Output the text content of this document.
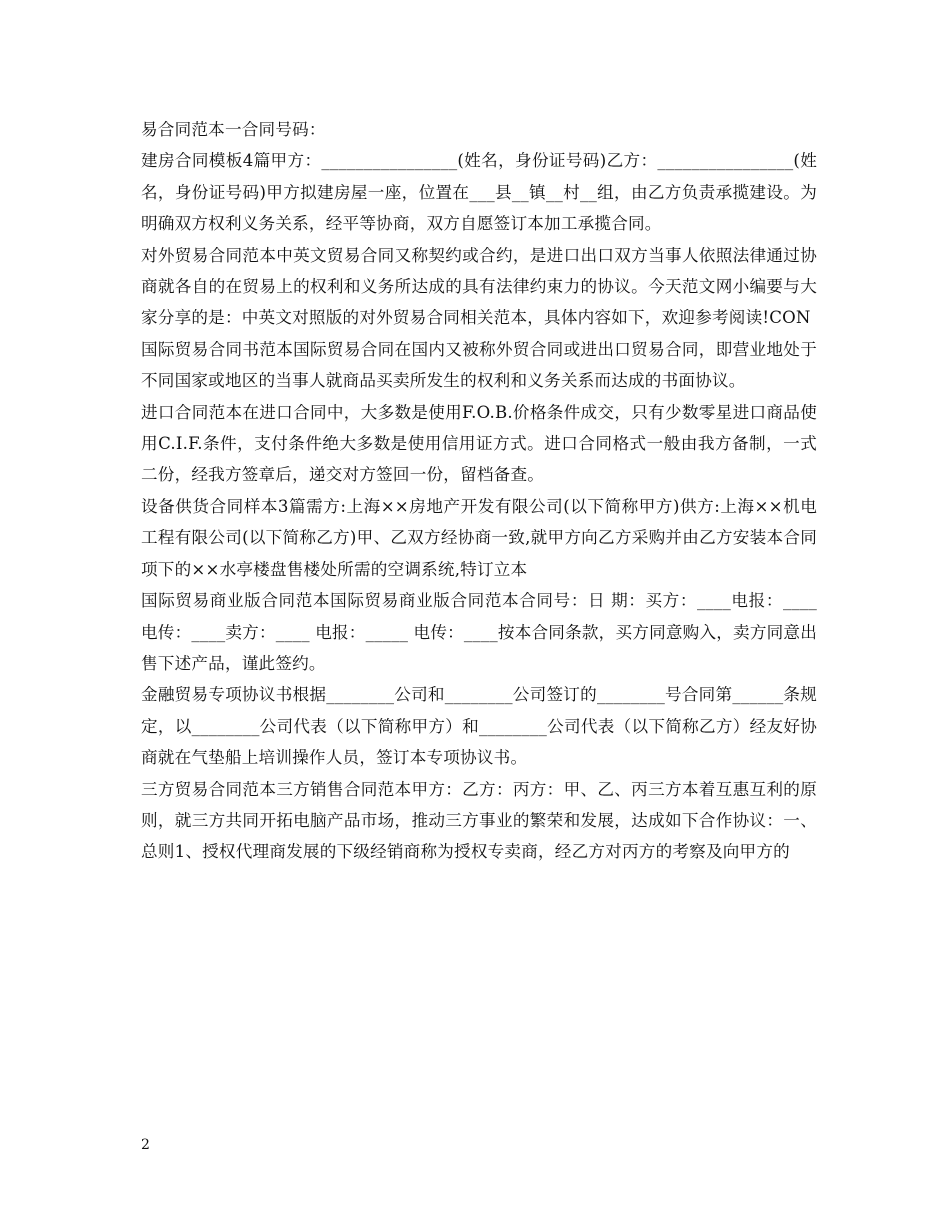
易合同范本一合同号码：

建房合同模板4篇甲方：________________(姓名，身份证号码)乙方：________________(姓名，身份证号码)甲方拟建房屋一座，位置在___县__镇__村__组，由乙方负责承揽建设。为明确双方权利义务关系，经平等协商，双方自愿签订本加工承揽合同。

对外贸易合同范本中英文贸易合同又称契约或合约，是进口出口双方当事人依照法律通过协商就各自的在贸易上的权利和义务所达成的具有法律约束力的协议。今天范文网小编要与大家分享的是：中英文对照版的对外贸易合同相关范本，具体内容如下，欢迎参考阅读!CON

国际贸易合同书范本国际贸易合同在国内又被称外贸合同或进出口贸易合同，即营业地处于不同国家或地区的当事人就商品买卖所发生的权利和义务关系而达成的书面协议。

进口合同范本在进口合同中，大多数是使用F.O.B.价格条件成交，只有少数零星进口商品使用C.I.F.条件，支付条件绝大多数是使用信用证方式。进口合同格式一般由我方备制，一式二份，经我方签章后，递交对方签回一份，留档备查。

设备供货合同样本3篇需方:上海××房地产开发有限公司(以下简称甲方)供方:上海××机电工程有限公司(以下简称乙方)甲、乙双方经协商一致,就甲方向乙方采购并由乙方安装本合同项下的××水亭楼盘售楼处所需的空调系统,特订立本

国际贸易商业版合同范本国际贸易商业版合同范本合同号：日 期：买方：____电报：____ 电传：____卖方：____ 电报：_____ 电传：____按本合同条款，买方同意购入，卖方同意出售下述产品，谨此签约。

金融贸易专项协议书根据________公司和________公司签订的________号合同第______条规定，以________公司代表（以下简称甲方）和________公司代表（以下简称乙方）经友好协商就在气垫船上培训操作人员，签订本专项协议书。

三方贸易合同范本三方销售合同范本甲方：乙方：丙方：甲、乙、丙三方本着互惠互利的原则，就三方共同开拓电脑产品市场，推动三方事业的繁荣和发展，达成如下合作协议：一、总则1、授权代理商发展的下级经销商称为授权专卖商，经乙方对丙方的考察及向甲方的

2
